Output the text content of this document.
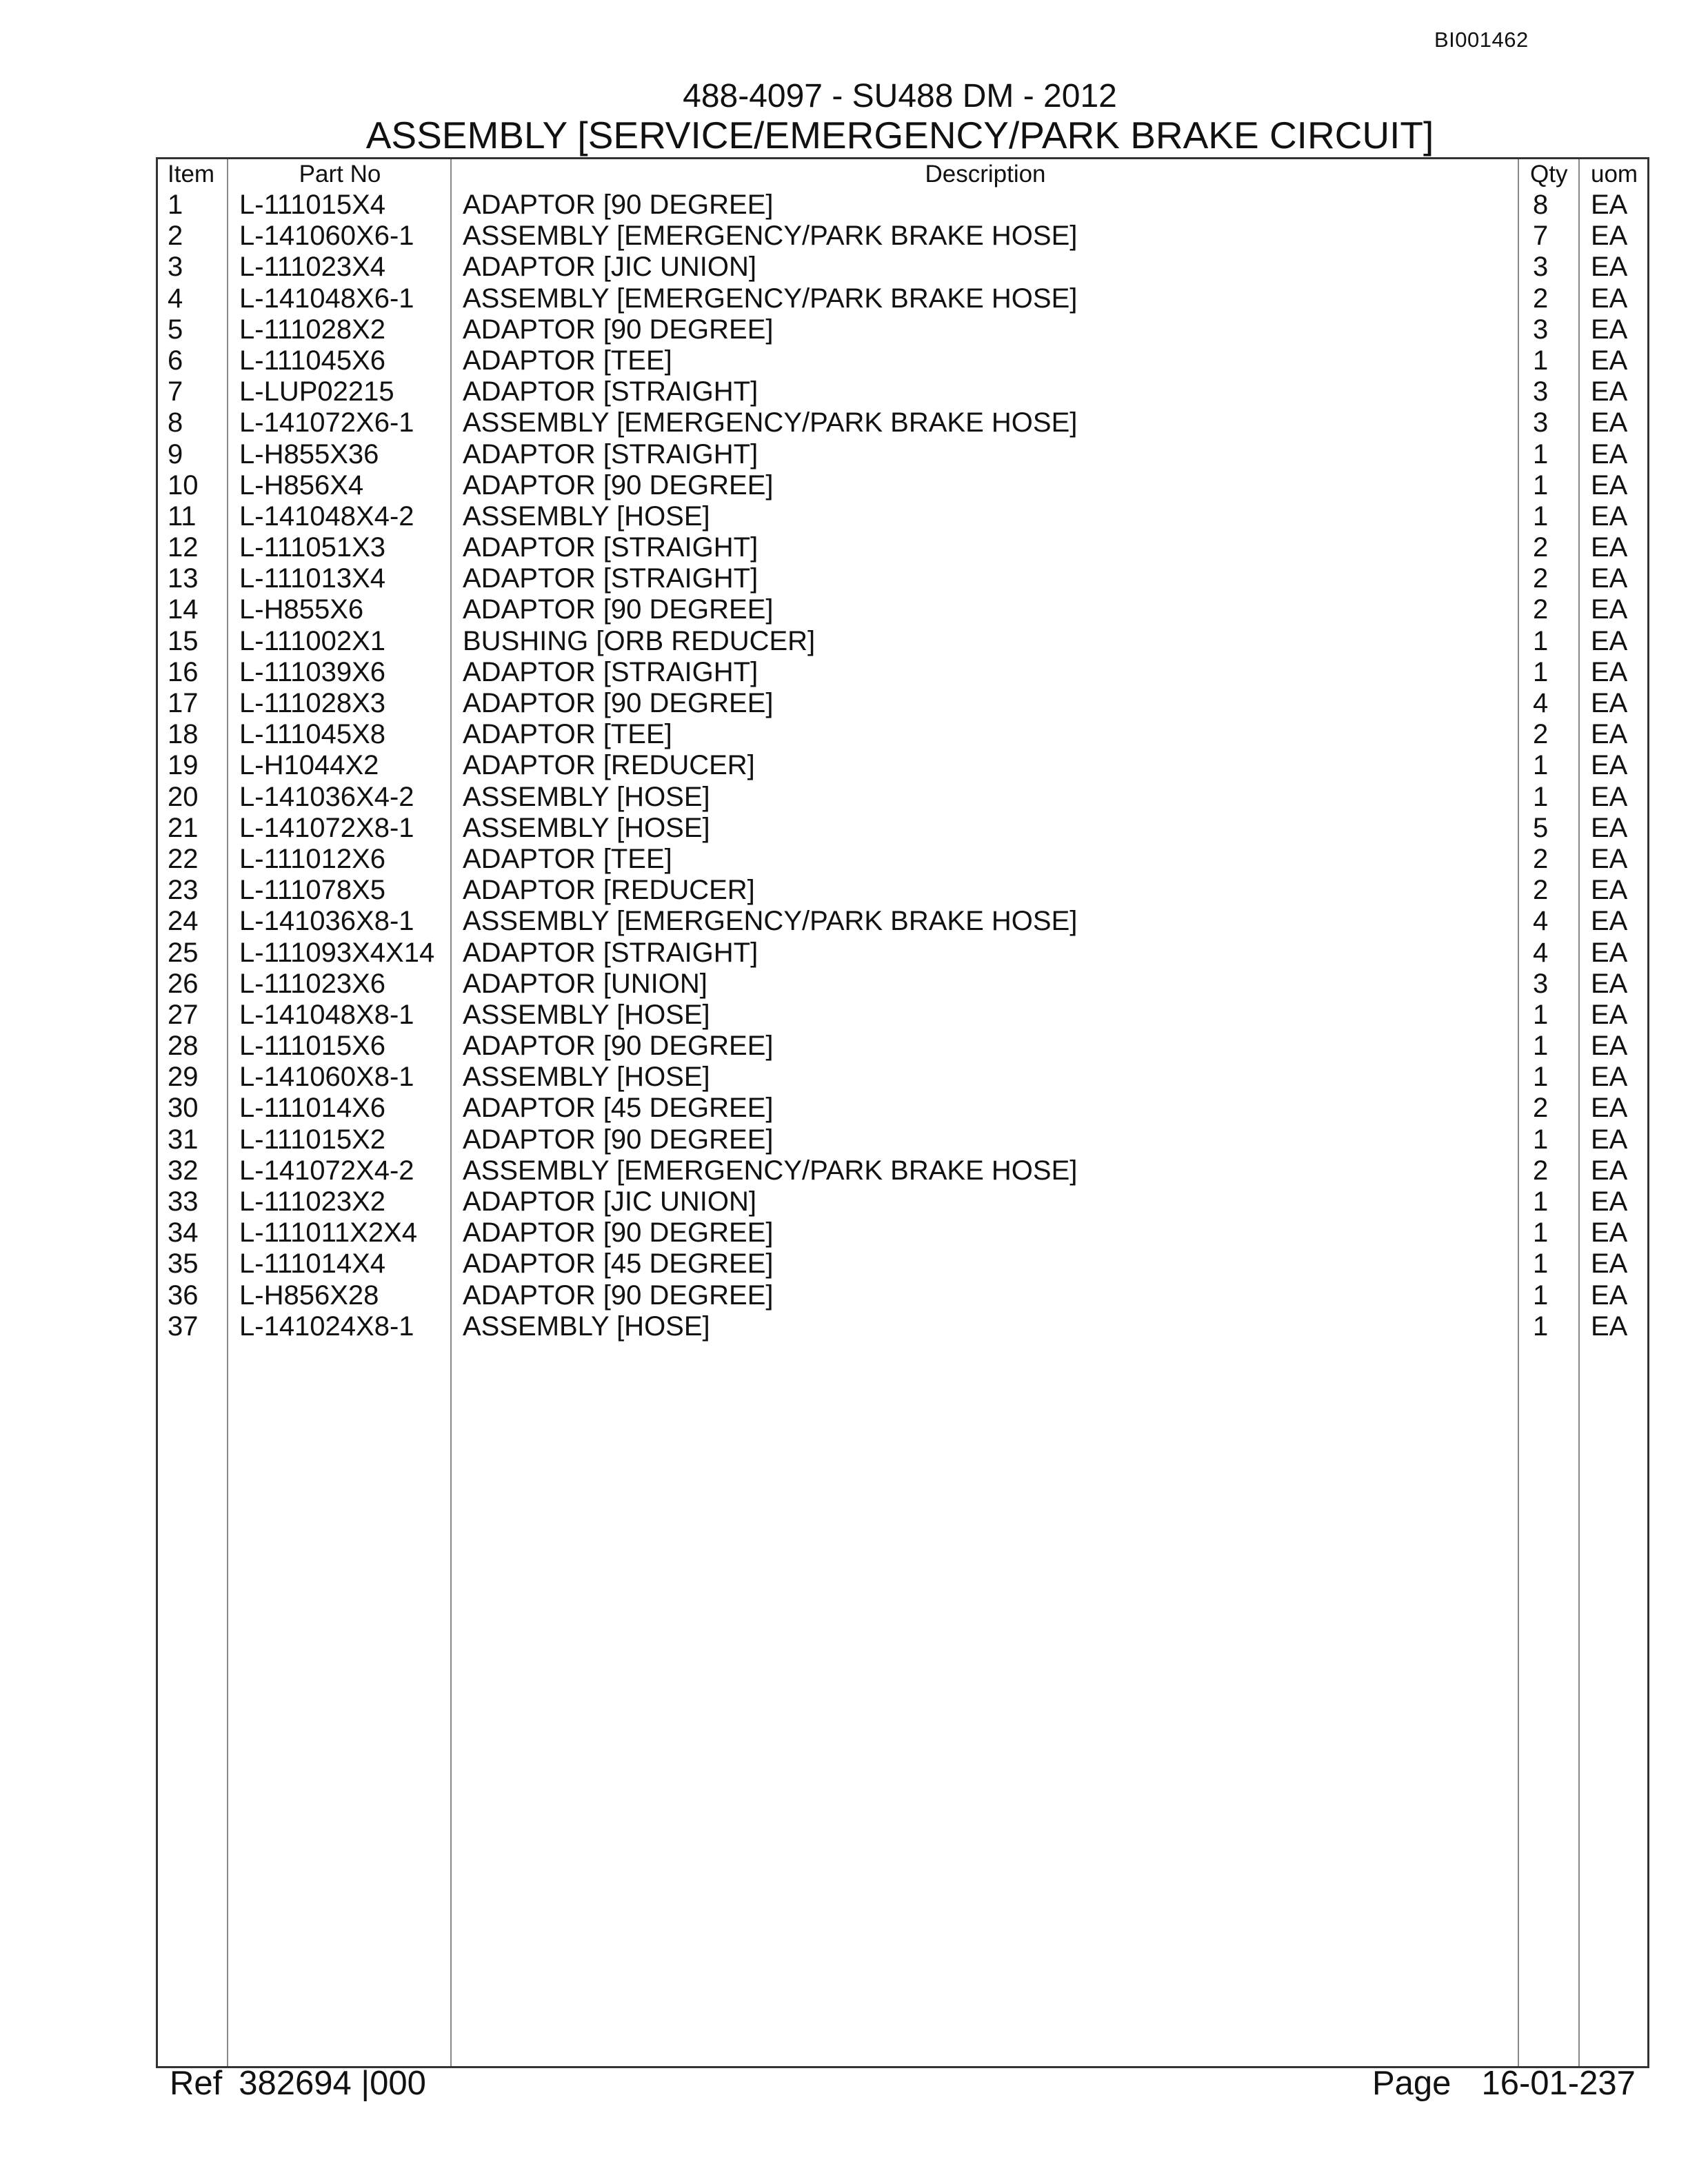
BI001462
488-4097 - SU488 DM - 2012
ASSEMBLY [SERVICE/EMERGENCY/PARK BRAKE CIRCUIT]
Item
1
2
3
4
5
6
7
8
9
10
11
12
13
14
15
16
17
18
19
20
21
22
23
24
25
26
27
28
29
30
31
32
33
34
35
36
37
Part No
L-111015X4
L-141060X6-1
L-111023X4
L-141048X6-1
L-111028X2
L-111045X6
L-LUP02215
L-141072X6-1
L-H855X36
L-H856X4
L-141048X4-2
L-111051X3
L-111013X4
L-H855X6
L-111002X1
L-111039X6
L-111028X3
L-111045X8
L-H1044X2
L-141036X4-2
L-141072X8-1
L-111012X6
L-111078X5
L-141036X8-1
L-111093X4X14
L-111023X6
L-141048X8-1
L-111015X6
L-141060X8-1
L-111014X6
L-111015X2
L-141072X4-2
L-111023X2
L-111011X2X4
L-111014X4
L-H856X28
L-141024X8-1
Description
ADAPTOR [90 DEGREE]
ASSEMBLY [EMERGENCY/PARK BRAKE HOSE]
ADAPTOR [JIC UNION]
ASSEMBLY [EMERGENCY/PARK BRAKE HOSE]
ADAPTOR [90 DEGREE]
ADAPTOR [TEE]
ADAPTOR [STRAIGHT]
ASSEMBLY [EMERGENCY/PARK BRAKE HOSE]
ADAPTOR [STRAIGHT]
ADAPTOR [90 DEGREE]
ASSEMBLY [HOSE]
ADAPTOR [STRAIGHT]
ADAPTOR [STRAIGHT]
ADAPTOR [90 DEGREE]
BUSHING [ORB REDUCER]
ADAPTOR [STRAIGHT]
ADAPTOR [90 DEGREE]
ADAPTOR [TEE]
ADAPTOR [REDUCER]
ASSEMBLY [HOSE]
ASSEMBLY [HOSE]
ADAPTOR [TEE]
ADAPTOR [REDUCER]
ASSEMBLY [EMERGENCY/PARK BRAKE HOSE]
ADAPTOR [STRAIGHT]
ADAPTOR [UNION]
ASSEMBLY [HOSE]
ADAPTOR [90 DEGREE]
ASSEMBLY [HOSE]
ADAPTOR [45 DEGREE]
ADAPTOR [90 DEGREE]
ASSEMBLY [EMERGENCY/PARK BRAKE HOSE]
ADAPTOR [JIC UNION]
ADAPTOR [90 DEGREE]
ADAPTOR [45 DEGREE]
ADAPTOR [90 DEGREE]
ASSEMBLY [HOSE]
Qty
8
7
3
2
3
1
3
3
1
1
1
2
2
2
1
1
4
2
1
1
5
2
2
4
4
3
1
1
1
2
1
2
1
1
1
1
1
uom
EA
EA
EA
EA
EA
EA
EA
EA
EA
EA
EA
EA
EA
EA
EA
EA
EA
EA
EA
EA
EA
EA
EA
EA
EA
EA
EA
EA
EA
EA
EA
EA
EA
EA
EA
EA
EA
Ref 382694 |000	Page 16-01-237
